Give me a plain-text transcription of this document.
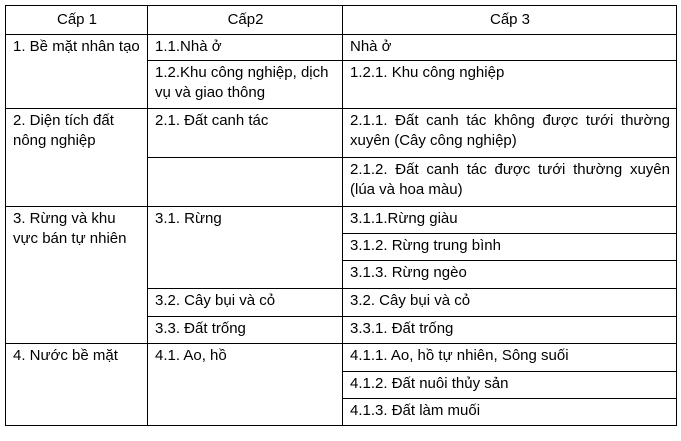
Cấp 1	Cấp2	Cấp 3
1. Bề mặt nhân tạo	1.1.Nhà ở	Nhà ở
	1.2.Khu công nghiệp, dịch vụ và giao thông	1.2.1. Khu công nghiệp
2. Diện tích đất nông nghiệp	2.1. Đất canh tác	2.1.1. Đất canh tác không được tưới thường xuyên (Cây công nghiệp)
		2.1.2. Đất canh tác được tưới thường xuyên (lúa và hoa màu)
3. Rừng và khu vực bán tự nhiên	3.1. Rừng	3.1.1.Rừng giàu
		3.1.2. Rừng trung bình
		3.1.3. Rừng ngèo
	3.2. Cây bụi và cỏ	3.2. Cây bụi và cỏ
	3.3. Đất trống	3.3.1. Đất trống
4. Nước bề mặt	4.1. Ao, hồ	4.1.1. Ao, hồ tự nhiên, Sông suối
		4.1.2. Đất nuôi thủy sản
		4.1.3. Đất làm muối
